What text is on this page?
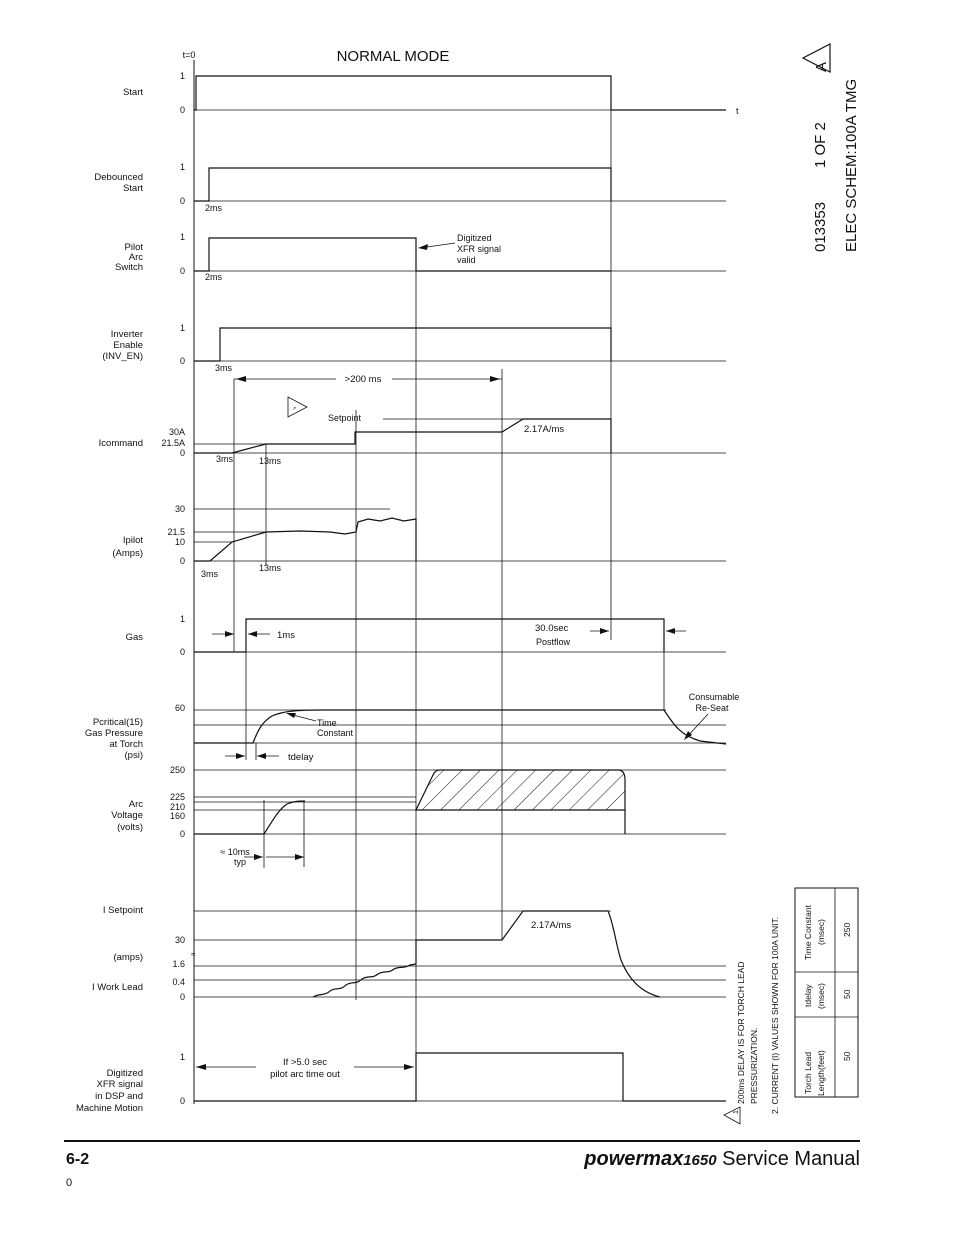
NORMAL MODE
t=0
t
Start
1
0
Debounced
Start
1
0
2ms
Pilot
Arc
Switch
1
0
2ms
Digitized
XFR signal
valid
Inverter
Enable
(INV_EN)
1
0
3ms
>200 ms
↗
Setpoint
Icommand
30A
21.5A
0
2.17A/ms
3ms	13ms
Ipilot
(Amps)
30
21.5
10
0
3ms
13ms
Gas
1
0
1ms
30.0sec
Postflow
Pcritical(15)
Gas Pressure
at Torch
(psi)
60
Time
Constant
tdelay
Consumable
Re-Seat
Arc
Voltage
(volts)
250
225
210
160
0
≈ 10ms
typ
I Setpoint
(amps)
I Work Lead
30
1.6
0.4
0
≈
2.17A/ms
Digitized
XFR signal
in DSP and
Machine Motion
1
0
If >5.0 sec
pilot arc time out
013353
1 OF 2 ELEC SCHEM:100A TMG
A
1
200ms DELAY IS FOR TORCH LEAD PRESSURIZATION. 2. CURRENT (I) VALUES SHOWN FOR 100A UNIT.	Torch Lead Length(feet)
tdelay (msec)
Time Constant (msec)
50
50
250
6-2
0
powermax1650 Service Manual
